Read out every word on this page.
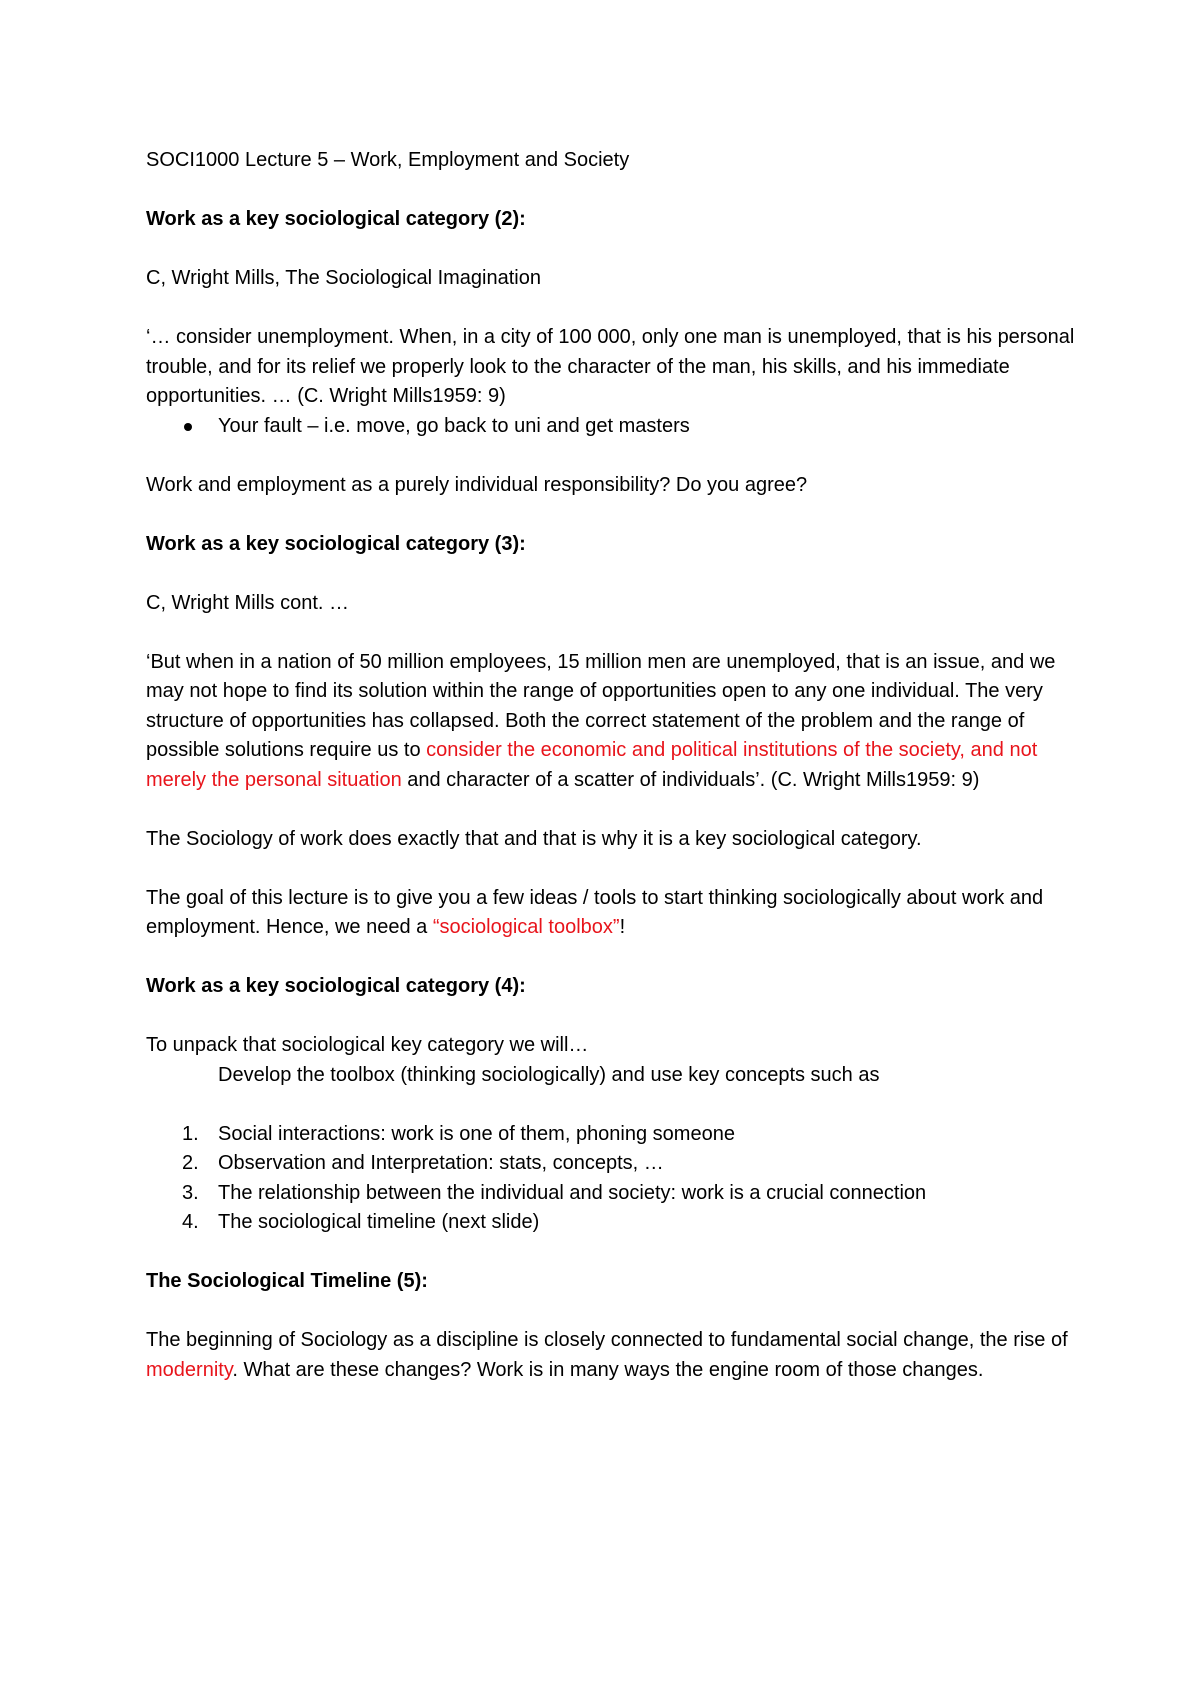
SOCI1000 Lecture 5 – Work, Employment and Society

Work as a key sociological category (2):

C, Wright Mills, The Sociological Imagination

‘… consider unemployment. When, in a city of 100 000, only one man is unemployed, that is his personal trouble, and for its relief we properly look to the character of the man, his skills, and his immediate opportunities. … (C. Wright Mills1959: 9)

Your fault – i.e. move, go back to uni and get masters

Work and employment as a purely individual responsibility? Do you agree?

Work as a key sociological category (3):

C, Wright Mills cont. …

‘But when in a nation of 50 million employees, 15 million men are unemployed, that is an issue, and we may not hope to find its solution within the range of opportunities open to any one individual. The very structure of opportunities has collapsed. Both the correct statement of the problem and the range of possible solutions require us to consider the economic and political institutions of the society, and not merely the personal situation and character of a scatter of individuals’. (C. Wright Mills1959: 9)

The Sociology of work does exactly that and that is why it is a key sociological category.

The goal of this lecture is to give you a few ideas / tools to start thinking sociologically about work and employment. Hence, we need a “sociological toolbox”!

Work as a key sociological category (4):

To unpack that sociological key category we will…

Develop the toolbox (thinking sociologically) and use key concepts such as

1. Social interactions: work is one of them, phoning someone
2. Observation and Interpretation: stats, concepts, …
3. The relationship between the individual and society: work is a crucial connection
4. The sociological timeline (next slide)

The Sociological Timeline (5):

The beginning of Sociology as a discipline is closely connected to fundamental social change, the rise of modernity. What are these changes? Work is in many ways the engine room of those changes.
